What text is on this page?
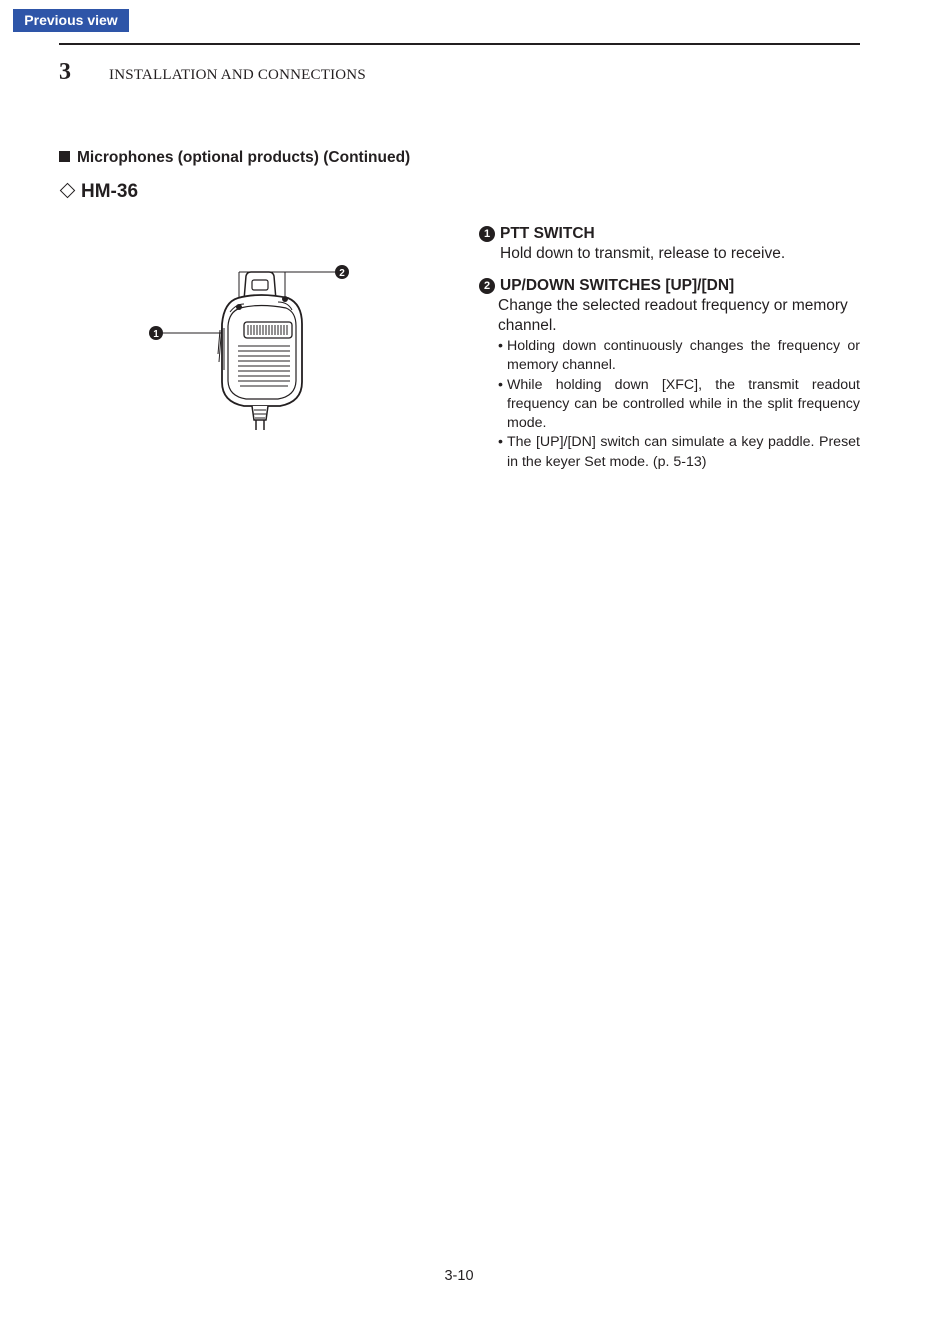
Previous view
3	INSTALLATION AND CONNECTIONS
Microphones (optional products) (Continued)
HM-36
1
2
1 PTT SWITCH
Hold down to transmit, release to receive.
2 UP/DOWN SWITCHES [UP]/[DN]
Change the selected readout frequency or memory channel.
• Holding down continuously changes the frequency or memory channel.
• While holding down [XFC], the transmit readout frequency can be controlled while in the split frequency mode.
• The [UP]/[DN] switch can simulate a key paddle. Preset in the keyer Set mode. (p. 5-13)
3-10
